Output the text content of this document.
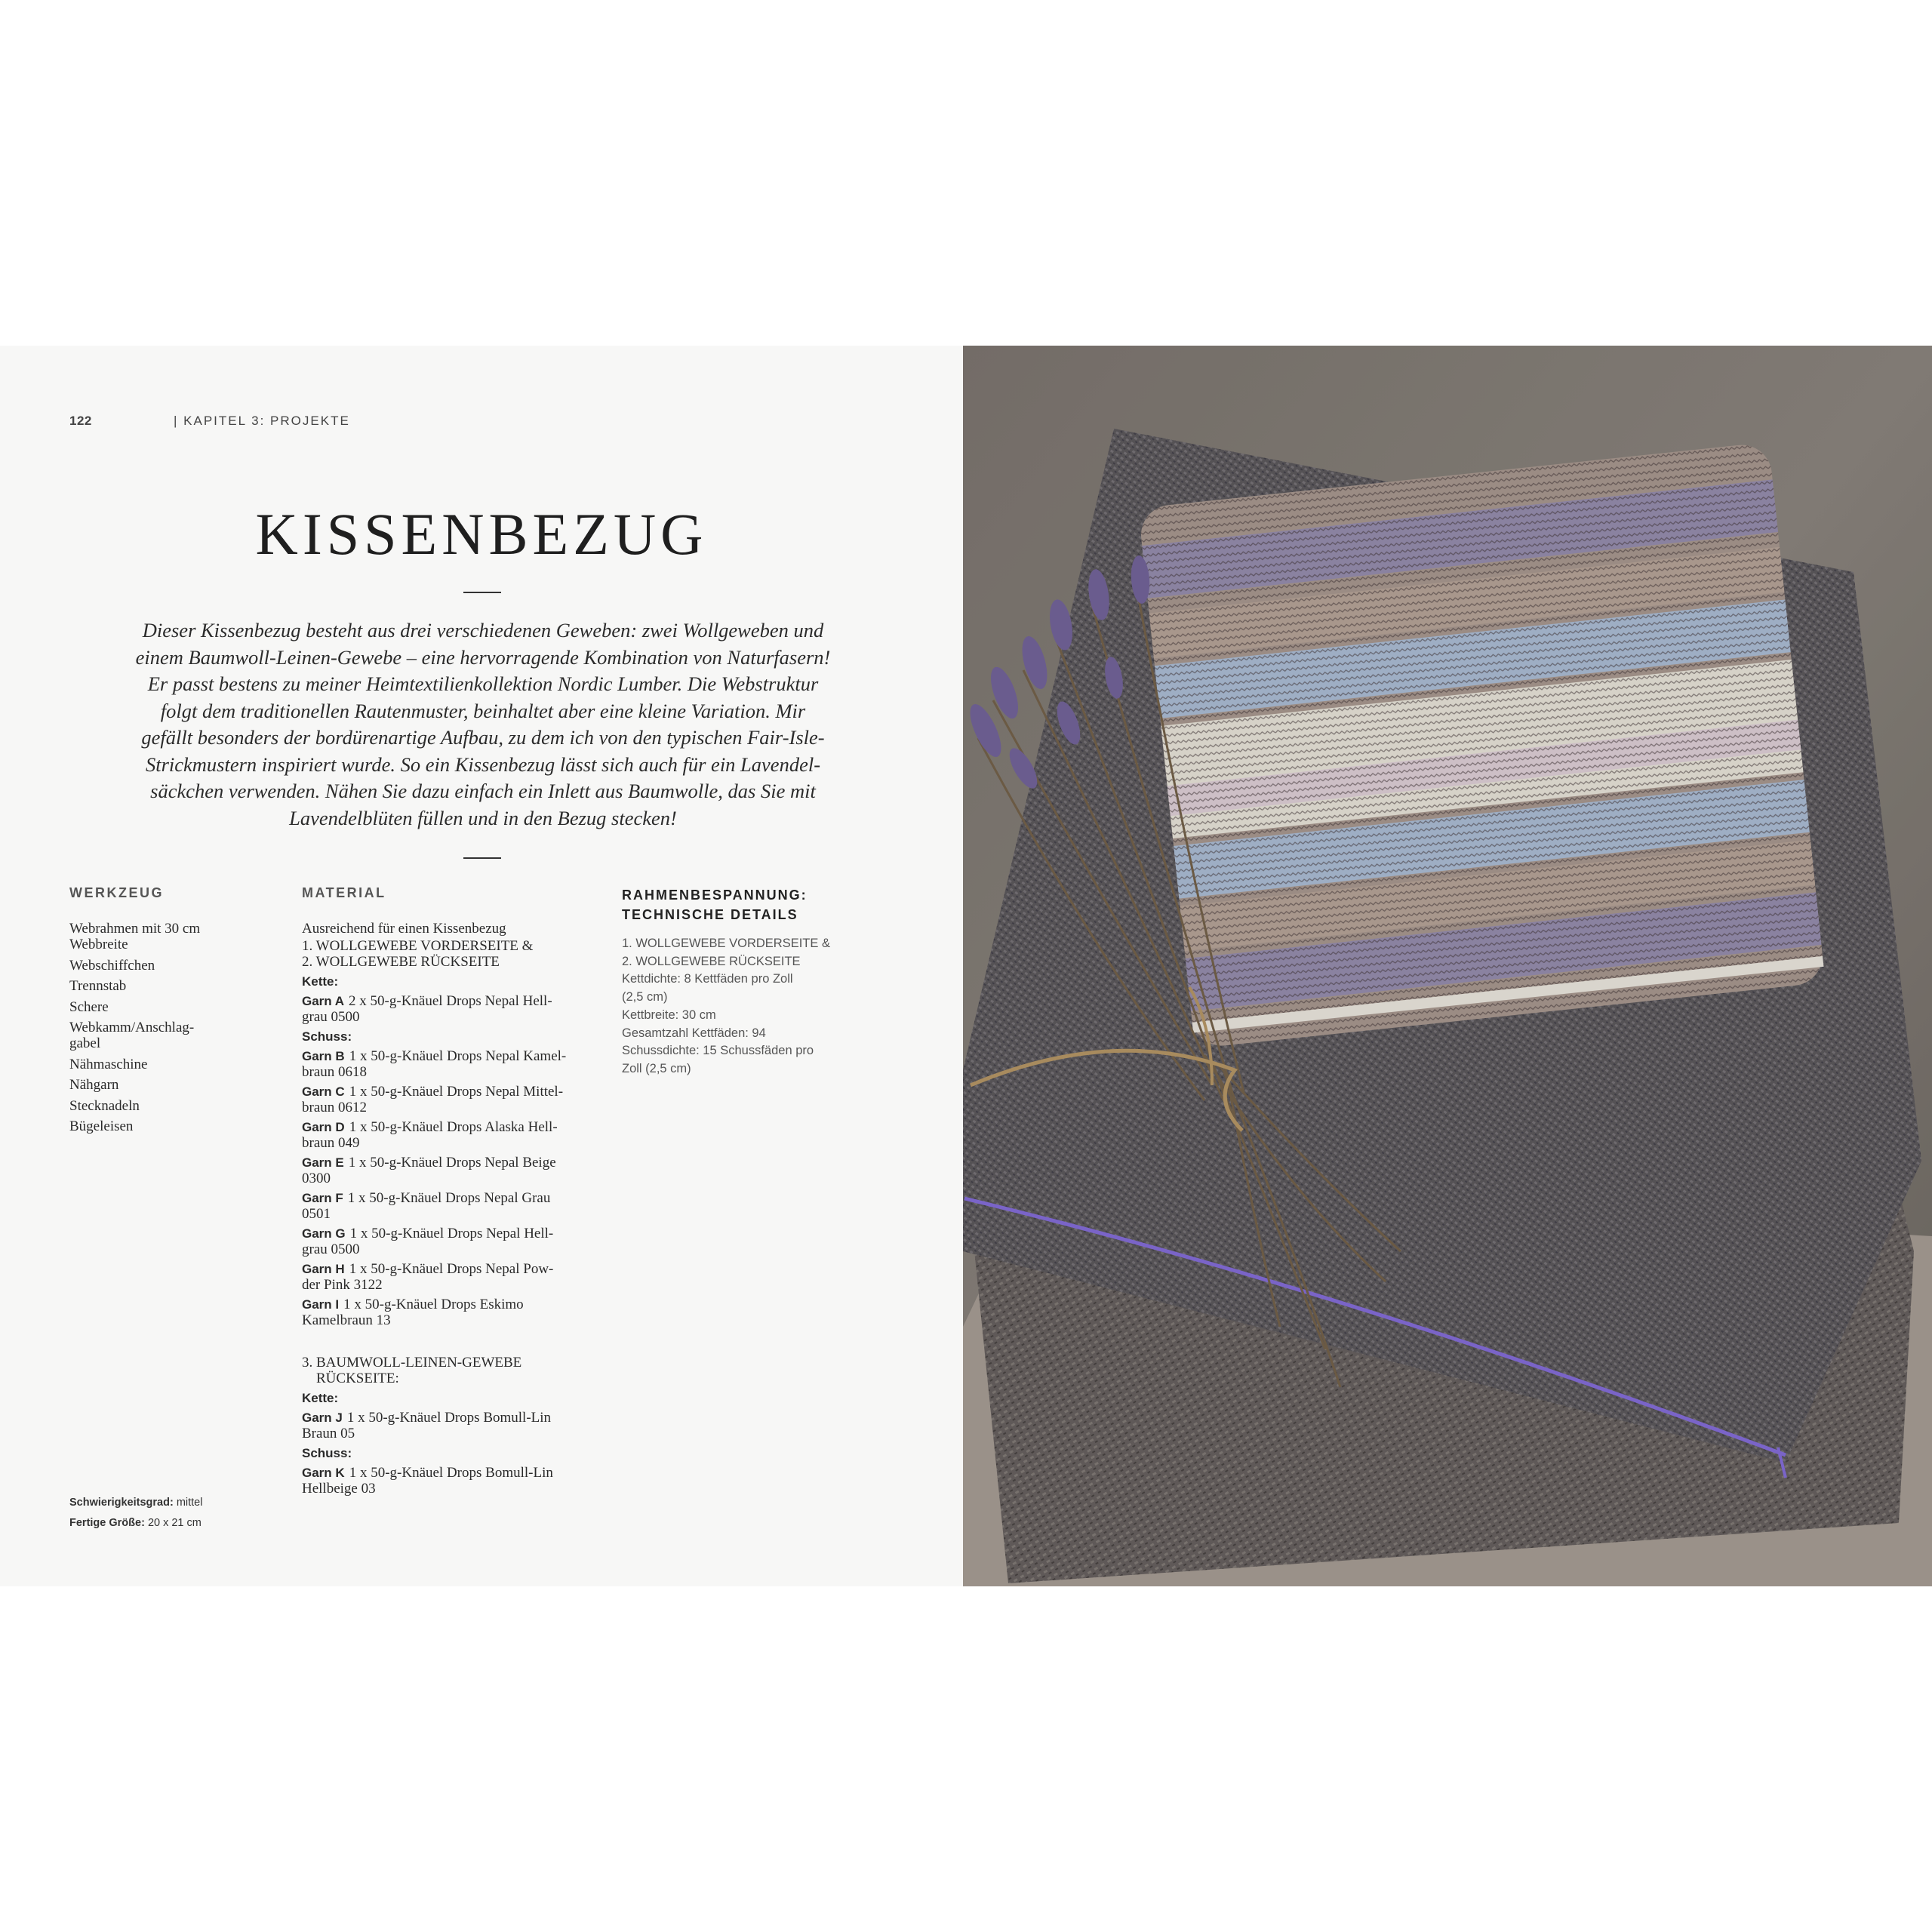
122	| KAPITEL 3: PROJEKTE
KISSENBEZUG

Dieser Kissenbezug besteht aus drei verschiedenen Geweben: zwei Wollgeweben und
einem Baumwoll-Leinen-Gewebe – eine hervorragende Kombination von Naturfasern!
Er passt bestens zu meiner Heimtextilienkollektion Nordic Lumber. Die Webstruktur
folgt dem traditionellen Rautenmuster, beinhaltet aber eine kleine Variation. Mir
gefällt besonders der bordürenartige Aufbau, zu dem ich von den typischen Fair-Isle-
Strickmustern inspiriert wurde. So ein Kissenbezug lässt sich auch für ein Lavendel-
säckchen verwenden. Nähen Sie dazu einfach ein Inlett aus Baumwolle, das Sie mit
Lavendelblüten füllen und in den Bezug stecken!

WERKZEUG
Webrahmen mit 30 cm
Webbreite
Webschiffchen
Trennstab
Schere
Webkamm/Anschlag-
gabel
Nähmaschine
Nähgarn
Stecknadeln
Bügeleisen
MATERIAL
Ausreichend für einen Kissenbezug
1. WOLLGEWEBE VORDERSEITE &
2. WOLLGEWEBE RÜCKSEITE
Kette:
Garn A 2 x 50-g-Knäuel Drops Nepal Hell-
grau 0500
Schuss:
Garn B 1 x 50-g-Knäuel Drops Nepal Kamel-
braun 0618
Garn C 1 x 50-g-Knäuel Drops Nepal Mittel-
braun 0612
Garn D 1 x 50-g-Knäuel Drops Alaska Hell-
braun 049
Garn E 1 x 50-g-Knäuel Drops Nepal Beige
0300
Garn F 1 x 50-g-Knäuel Drops Nepal Grau
0501
Garn G 1 x 50-g-Knäuel Drops Nepal Hell-
grau 0500
Garn H 1 x 50-g-Knäuel Drops Nepal Pow-
der Pink 3122
Garn I 1 x 50-g-Knäuel Drops Eskimo
Kamelbraun 13
3. BAUMWOLL-LEINEN-GEWEBE
RÜCKSEITE:
Kette:
Garn J 1 x 50-g-Knäuel Drops Bomull-Lin
Braun 05
Schuss:
Garn K 1 x 50-g-Knäuel Drops Bomull-Lin
Hellbeige 03
RAHMENBESPANNUNG:
TECHNISCHE DETAILS
1. WOLLGEWEBE VORDERSEITE &
2. WOLLGEWEBE RÜCKSEITE
Kettdichte: 8 Kettfäden pro Zoll
(2,5 cm)
Kettbreite: 30 cm
Gesamtzahl Kettfäden: 94
Schussdichte: 15 Schussfäden pro
Zoll (2,5 cm)
Schwierigkeitsgrad: mittel
Fertige Größe: 20 x 21 cm
